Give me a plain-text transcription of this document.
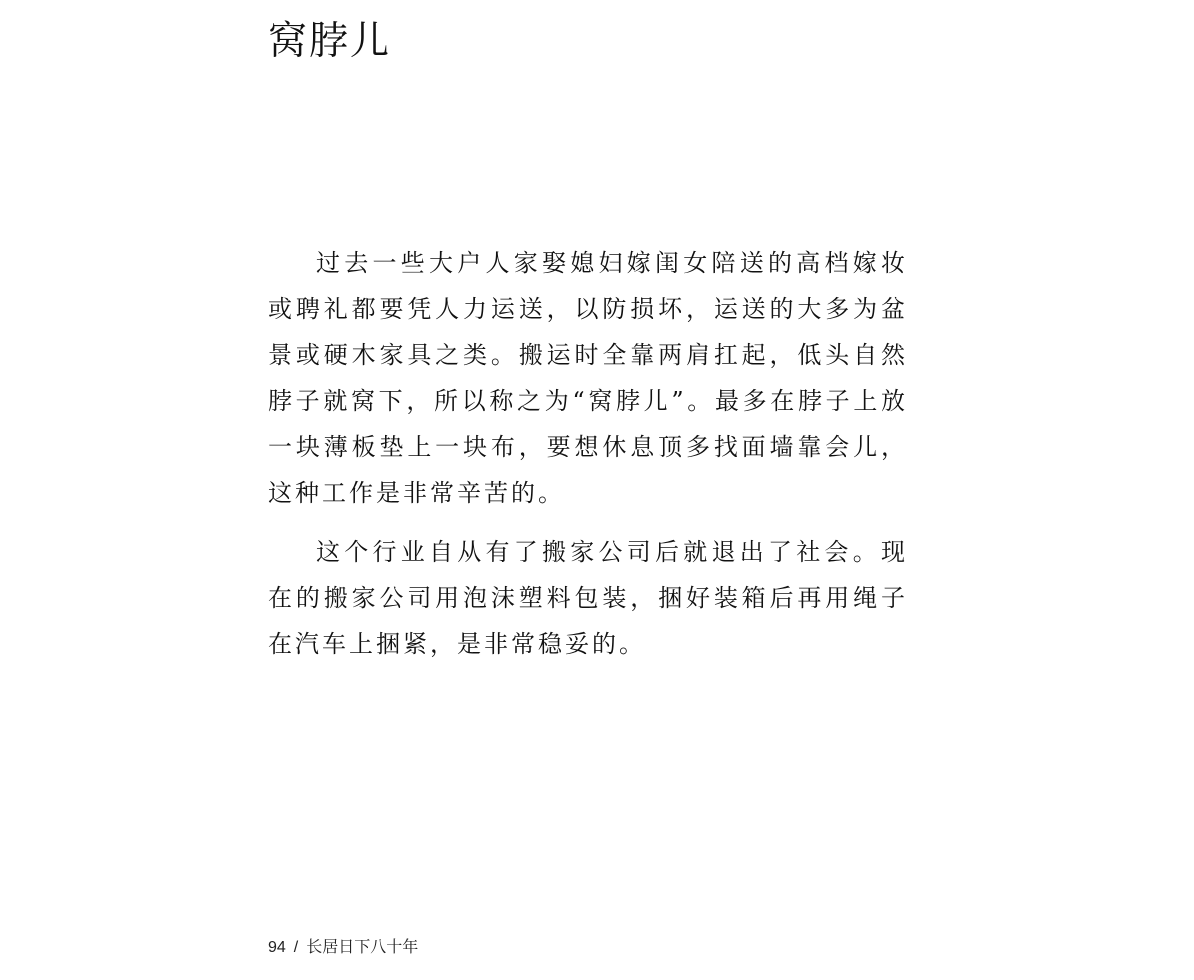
窝脖儿

过去一些大户人家娶媳妇嫁闺女陪送的高档嫁妆或聘礼都要凭人力运送，以防损坏，运送的大多为盆景或硬木家具之类。搬运时全靠两肩扛起，低头自然脖子就窝下，所以称之为“窝脖儿”。最多在脖子上放一块薄板垫上一块布，要想休息顶多找面墙靠会儿，这种工作是非常辛苦的。

这个行业自从有了搬家公司后就退出了社会。现在的搬家公司用泡沫塑料包装，捆好装箱后再用绳子在汽车上捆紧，是非常稳妥的。

94 / 长居日下八十年
